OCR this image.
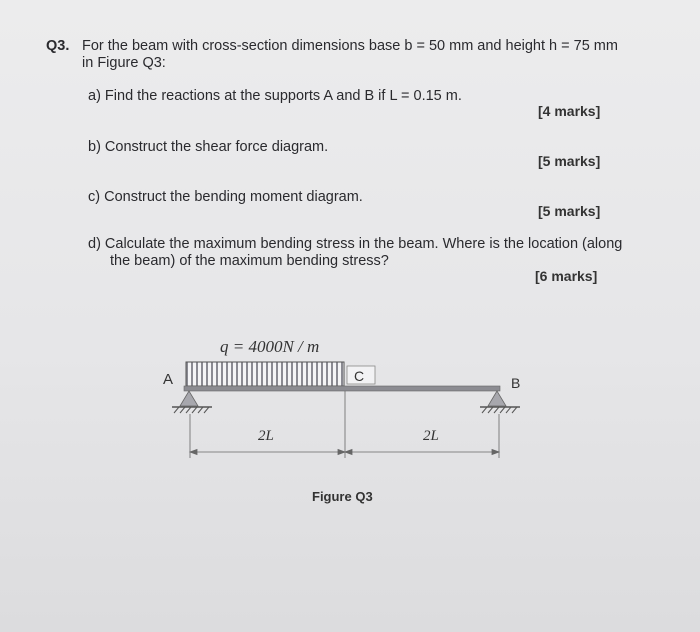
Q3. For the beam with cross-section dimensions base b = 50 mm and height h = 75 mm
in Figure Q3:
a) Find the reactions at the supports A and B if L = 0.15 m.
[4 marks]
b) Construct the shear force diagram.
[5 marks]
c) Construct the bending moment diagram.
[5 marks]
d) Calculate the maximum bending stress in the beam. Where is the location (along
the beam) of the maximum bending stress?
[6 marks]
q = 4000N / m
A	B
C
2L	2L
Figure Q3
